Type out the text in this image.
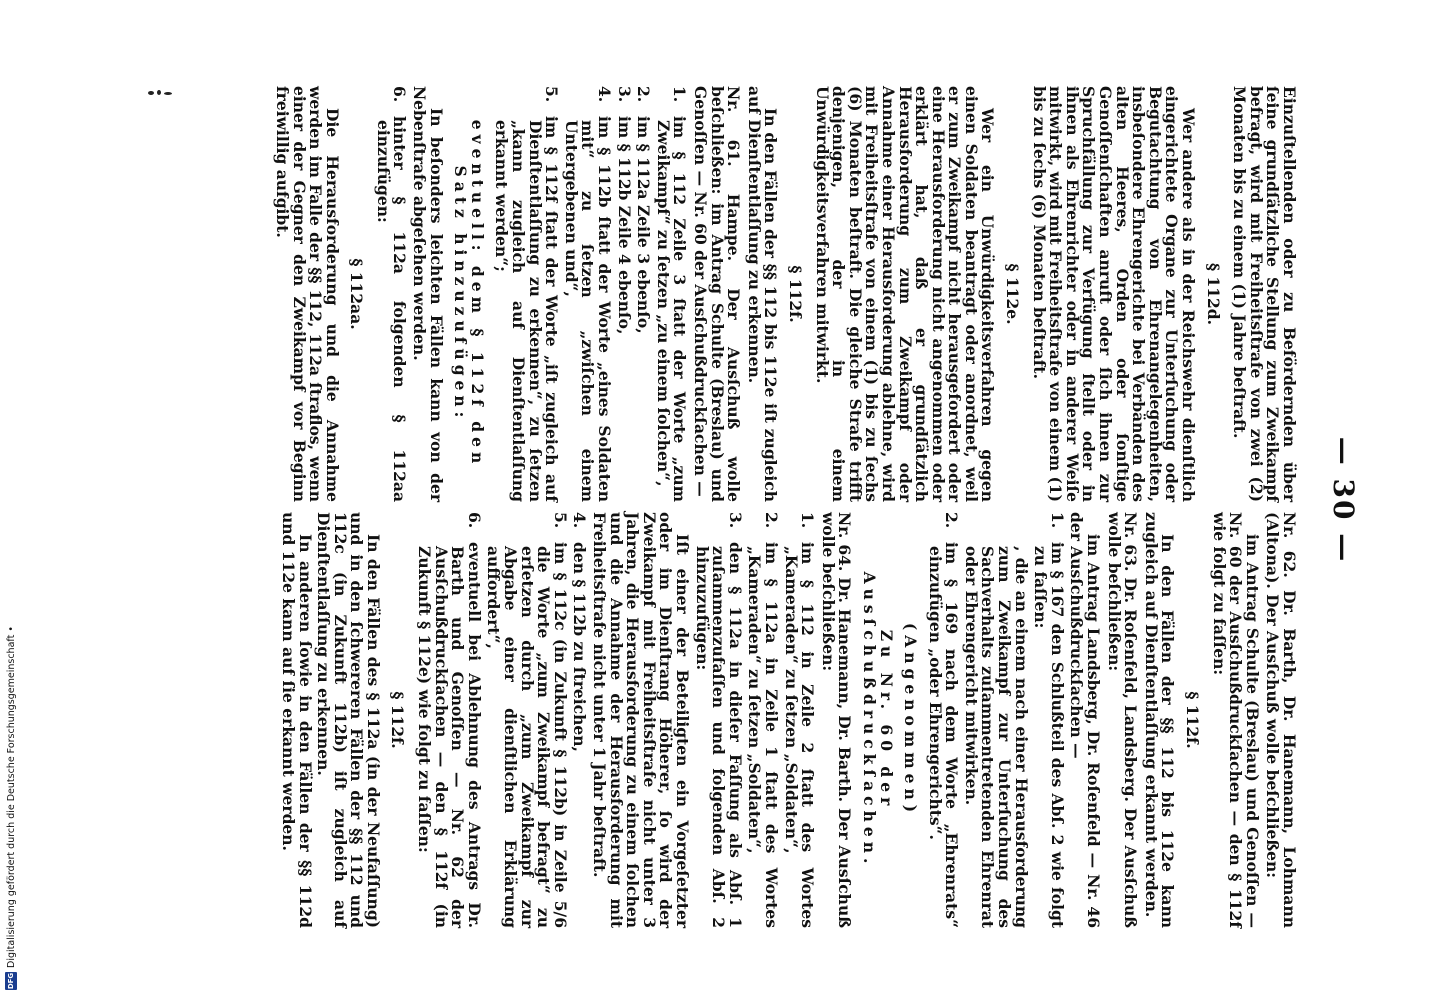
— 30 —

Einzuſtellenden oder zu Befördernden über ſeine grundſätzliche Stellung zum Zweikampf befragt, wird mit Freiheitsſtrafe von zwei (2) Monaten bis zu einem (1) Jahre beſtraft.

§ 112d.

Wer andere als in der Reichswehr dienſtlich eingerichtete Organe zur Unterſuchung oder Begutachtung von Ehrenangelegenheiten, insbeſondere Ehrengerichte bei Verbänden des alten Heeres, Orden oder ſonſtige Genoſſenſchaften anruft oder ſich ihnen zur Spruchfällung zur Verfügung ſtellt oder in ihnen als Ehrenrichter oder in anderer Weiſe mitwirkt, wird mit Freiheitsſtrafe von einem (1) bis zu ſechs (6) Monaten beſtraft.

§ 112e.

Wer ein Unwürdigkeitsverfahren gegen einen Soldaten beantragt oder anordnet, weil er zum Zweikampf nicht herausgefordert oder eine Herausforderung nicht angenommen oder erklärt hat, daß er grundſätzlich Herausforderung zum Zweikampf oder Annahme einer Herausforderung ablehne, wird mit Freiheitsſtrafe von einem (1) bis zu ſechs (6) Monaten beſtraft. Die gleiche Strafe trifft denjenigen, der in einem Unwürdigkeitsverfahren mitwirkt.

§ 112f.

In den Fällen der §§ 112 bis 112e iſt zugleich auf Dienſtentlaſſung zu erkennen.

Nr. 61. Hampe. Der Ausſchuß wolle beſchließen: im Antrag Schulte (Breslau) und Genoſſen — Nr. 60 der Ausſchußdruckſachen —

1.im § 112 Zeile 3 ſtatt der Worte „zum Zweikampf“ zu ſetzen „zu einem ſolchen“,

2.im § 112a Zeile 3 ebenſo,

3.im § 112b Zeile 4 ebenſo,

4.im § 112b ſtatt der Worte „eines Soldaten mit“ zu ſetzen „zwiſchen einem Untergebenen und“,

5.im § 112f ſtatt der Worte „iſt zugleich auf Dienſtentlaſſung zu erkennen“, zu ſetzen „kann zugleich auf Dienſtentlaſſung erkannt werden“;

eventuell: dem § 112f den Satz hinzuzufügen:

In beſonders leichten Fällen kann von der Nebenſtrafe abgeſehen werden.

6.hinter § 112a folgenden § 112aa einzufügen:

§ 112aa.

Die Herausforderung und die Annahme werden im Falle der §§ 112, 112a ſtraflos, wenn einer der Gegner den Zweikampf vor Beginn freiwillig aufgibt.

Nr. 62. Dr. Barth, Dr. Hanemann, Lohmann (Altona). Der Ausſchuß wolle beſchließen:

im Antrag Schulte (Breslau) und Genoſſen — Nr. 60 der Ausſchußdruckſachen — den § 112f wie folgt zu faſſen:

§ 112f.

In den Fällen der §§ 112 bis 112e kann zugleich auf Dienſtentlaſſung erkannt werden.

Nr. 63. Dr. Roſenfeld, Landsberg. Der Ausſchuß wolle beſchließen:

im Antrag Landsberg, Dr. Roſenfeld — Nr. 46 der Ausſchußdruckſachen —

1.im § 167 den Schlußteil des Abſ. 2 wie folgt zu faſſen:

, die an einem nach einer Herausforderung zum Zweikampf zur Unterſuchung des Sachverhalts zuſammentretenden Ehrenrat oder Ehrengericht mitwirken.

2.im § 169 nach dem Worte „Ehrenrats“ einzufügen „oder Ehrengerichts“.

(Angenommen)

Zu Nr. 60 der Ausſchußdruckſachen.

Nr. 64. Dr. Hanemann, Dr. Barth. Der Ausſchuß wolle beſchließen:

1.im § 112 in Zeile 2 ſtatt des Wortes „Kameraden“ zu ſetzen „Soldaten“,

2.im § 112a in Zeile 1 ſtatt des Wortes „Kameraden“ zu ſetzen „Soldaten“,

3.den § 112a in dieſer Faſſung als Abſ. 1 zuſammenzufaſſen und folgenden Abſ. 2 hinzuzufügen:

Iſt einer der Beteiligten ein Vorgeſetzter oder im Dienſtrang Höherer, ſo wird der Zweikampf mit Freiheitsſtrafe nicht unter 3 Jahren, die Herausforderung zu einem ſolchen und die Annahme der Herausforderung mit Freiheitsſtrafe nicht unter 1 Jahr beſtraft.

4.den § 112b zu ſtreichen,

5.im § 112c (in Zukunft § 112b) in Zeile 5/6 die Worte „zum Zweikampf befragt“ zu erſetzen durch „zum Zweikampf zur Abgabe einer dienſtlichen Erklärung auffordert“,

6.eventuell bei Ablehnung des Antrags Dr. Barth und Genoſſen — Nr. 62 der Ausſchußdruckſachen — den § 112f (in Zukunft § 112e) wie folgt zu faſſen:

§ 112f.

In den Fällen des § 112a (in der Neufaſſung) und in den ſchwereren Fällen der §§ 112 und 112c (in Zukunft 112b) iſt zugleich auf Dienſtentlaſſung zu erkennen.

In anderen ſowie in den Fällen der §§ 112d und 112e kann auf ſie erkannt werden.

DFG
Digitalisierung gefördert durch die Deutsche Forschungsgemeinschaft •
